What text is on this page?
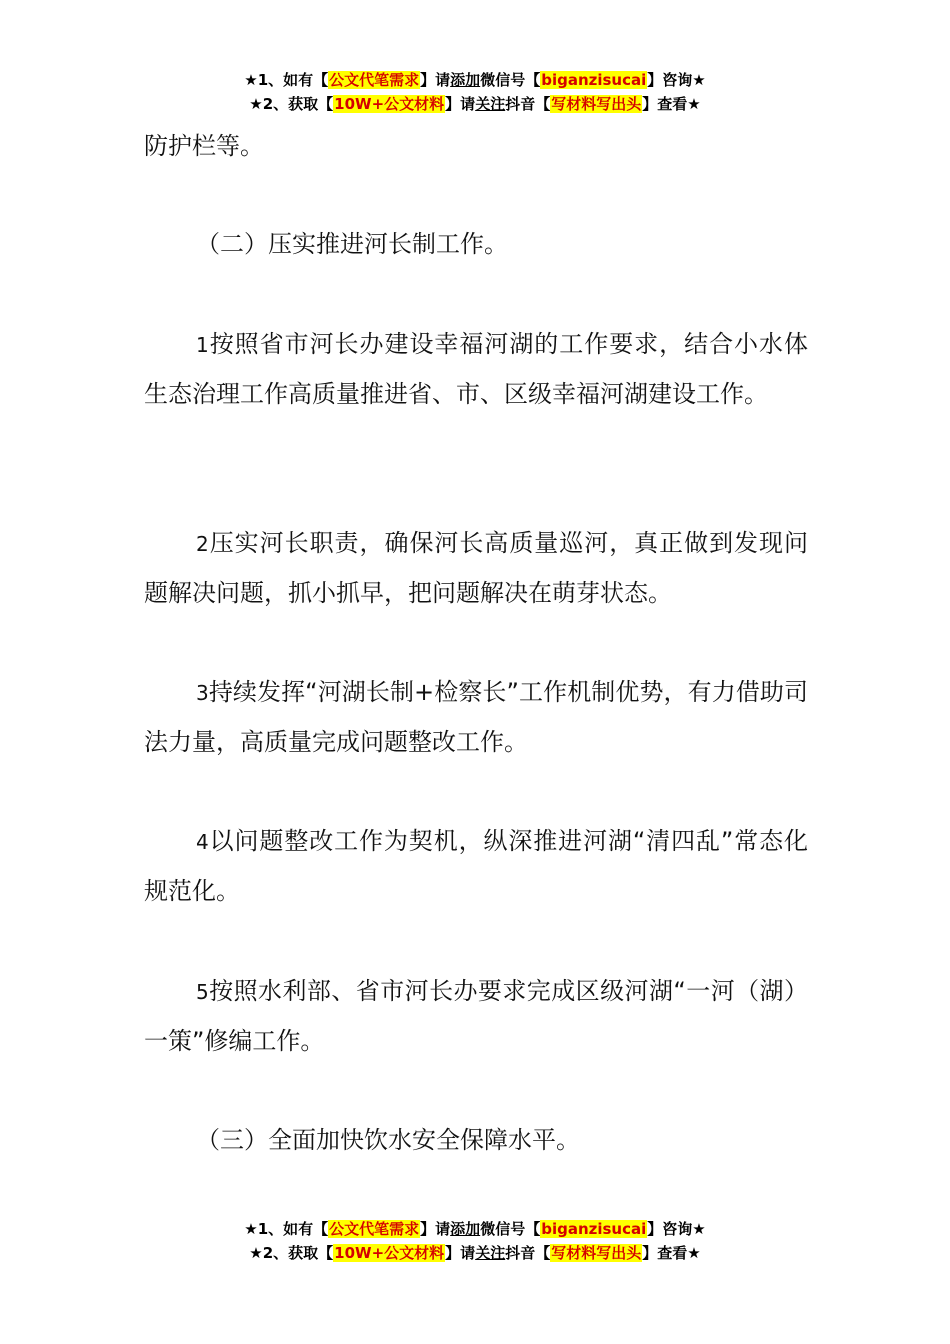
★1、如有【公文代笔需求】请添加微信号【biganzisucai】咨询★
★2、获取【10W+公文材料】请关注抖音【写材料写出头】查看★

防护栏等。

（二）压实推进河长制工作。

1按照省市河长办建设幸福河湖的工作要求，结合小水体生态治理工作高质量推进省、市、区级幸福河湖建设工作。

2压实河长职责，确保河长高质量巡河，真正做到发现问题解决问题，抓小抓早，把问题解决在萌芽状态。

3持续发挥“河湖长制+检察长”工作机制优势，有力借助司法力量，高质量完成问题整改工作。

4以问题整改工作为契机，纵深推进河湖“清四乱”常态化规范化。

5按照水利部、省市河长办要求完成区级河湖“一河（湖）一策”修编工作。

（三）全面加快饮水安全保障水平。

★1、如有【公文代笔需求】请添加微信号【biganzisucai】咨询★
★2、获取【10W+公文材料】请关注抖音【写材料写出头】查看★
